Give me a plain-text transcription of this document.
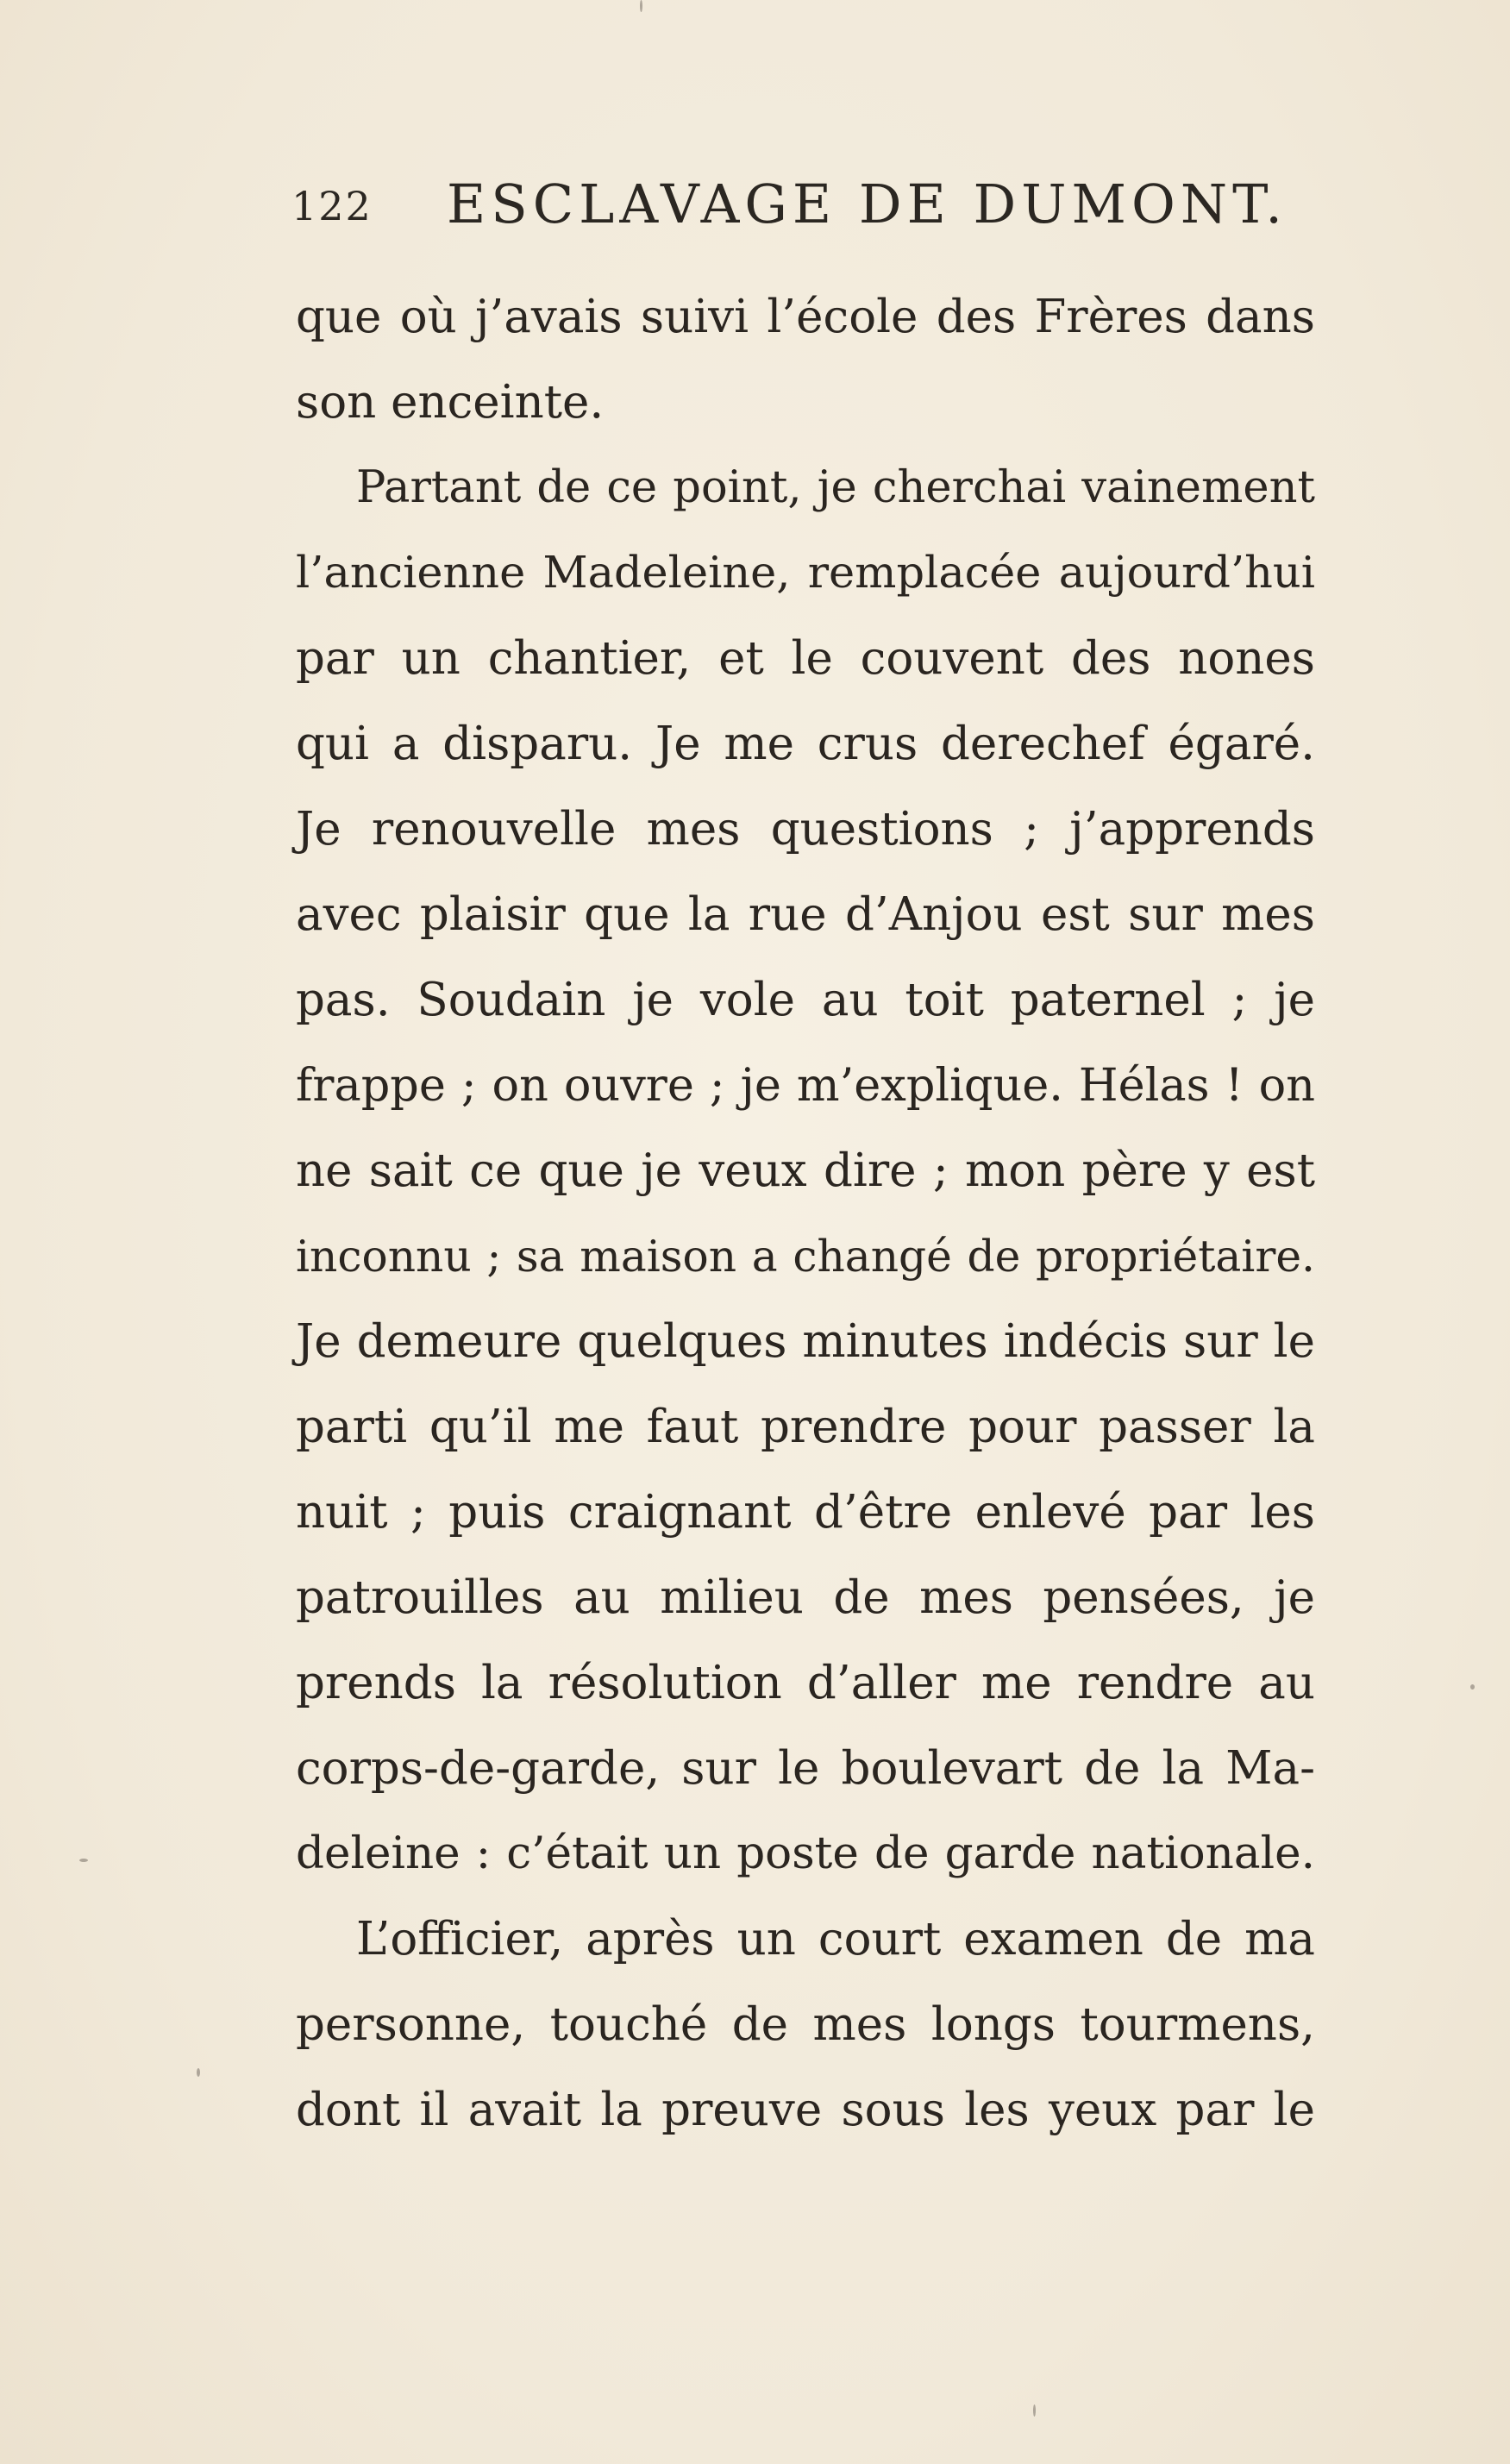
122 ESCLAVAGE DE DUMONT.
que où j’avais suivi l’école des Frères dans
son enceinte.
Partant de ce point, je cherchai vainement
l’ancienne Madeleine, remplacée aujourd’hui
par un chantier, et le couvent des nones
qui a disparu. Je me crus derechef égaré.
Je renouvelle mes questions ; j’apprends
avec plaisir que la rue d’Anjou est sur mes
pas. Soudain je vole au toit paternel ; je
frappe ; on ouvre ; je m’explique. Hélas ! on
ne sait ce que je veux dire ; mon père y est
inconnu ; sa maison a changé de propriétaire.
Je demeure quelques minutes indécis sur le
parti qu’il me faut prendre pour passer la
nuit ; puis craignant d’être enlevé par les
patrouilles au milieu de mes pensées, je
prends la résolution d’aller me rendre au
corps-de-garde, sur le boulevart de la Ma-
deleine : c’était un poste de garde nationale.
L’officier, après un court examen de ma
personne, touché de mes longs tourmens,
dont il avait la preuve sous les yeux par le
